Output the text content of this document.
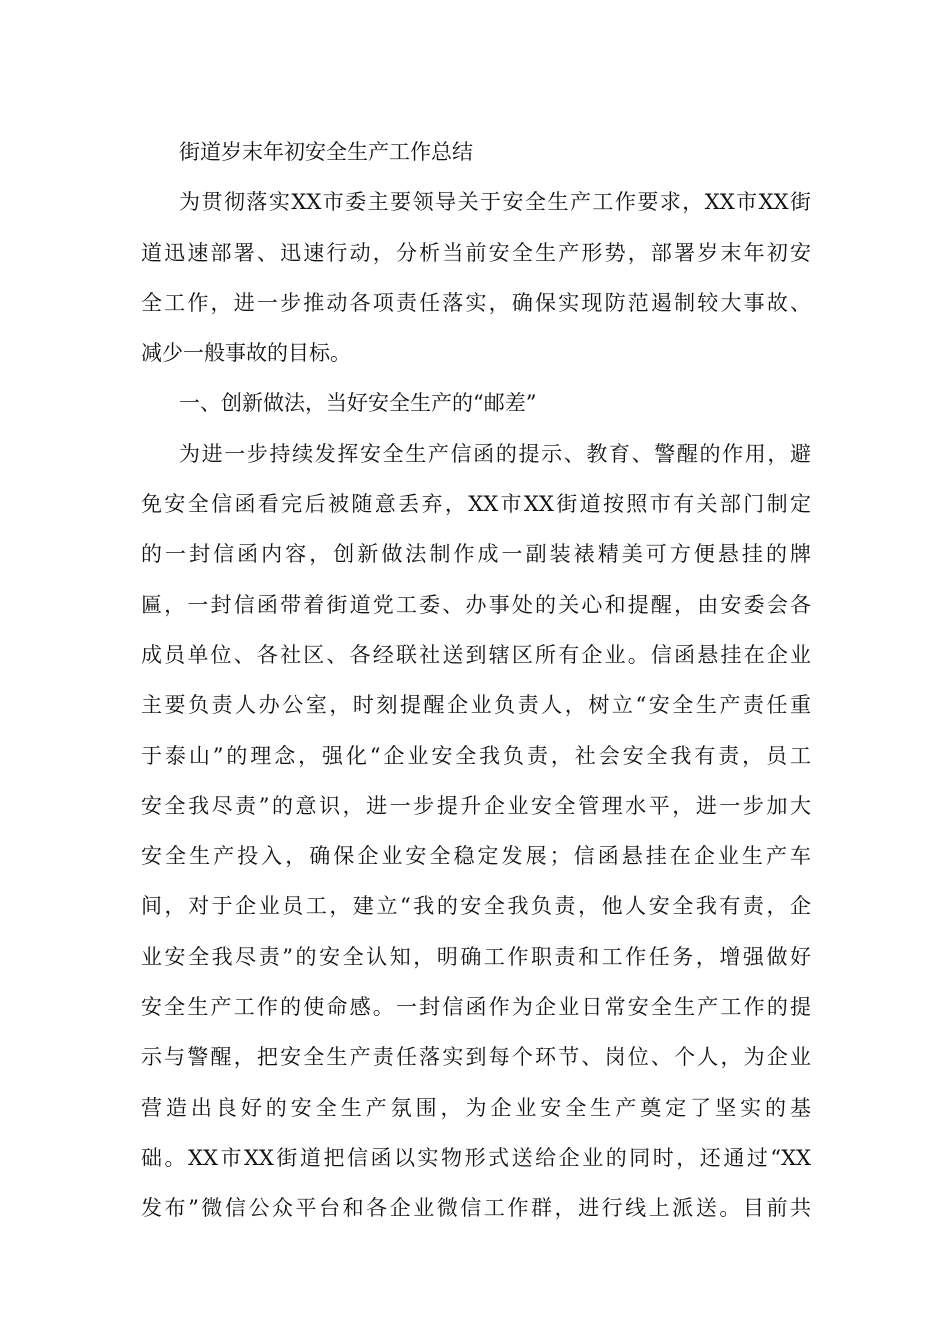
街道岁末年初安全生产工作总结
为贯彻落实XX市委主要领导关于安全生产工作要求，XX市XX街
道迅速部署、迅速行动，分析当前安全生产形势，部署岁末年初安
全工作，进一步推动各项责任落实，确保实现防范遏制较大事故、
减少一般事故的目标。
一、创新做法，当好安全生产的“邮差”
为进一步持续发挥安全生产信函的提示、教育、警醒的作用，避
免安全信函看完后被随意丢弃，XX市XX街道按照市有关部门制定
的一封信函内容，创新做法制作成一副装裱精美可方便悬挂的牌
匾，一封信函带着街道党工委、办事处的关心和提醒，由安委会各
成员单位、各社区、各经联社送到辖区所有企业。信函悬挂在企业
主要负责人办公室，时刻提醒企业负责人，树立“安全生产责任重
于泰山”的理念，强化“企业安全我负责，社会安全我有责，员工
安全我尽责”的意识，进一步提升企业安全管理水平，进一步加大
安全生产投入，确保企业安全稳定发展；信函悬挂在企业生产车
间，对于企业员工，建立“我的安全我负责，他人安全我有责，企
业安全我尽责”的安全认知，明确工作职责和工作任务，增强做好
安全生产工作的使命感。一封信函作为企业日常安全生产工作的提
示与警醒，把安全生产责任落实到每个环节、岗位、个人，为企业
营造出良好的安全生产氛围，为企业安全生产奠定了坚实的基
础。XX市XX街道把信函以实物形式送给企业的同时，还通过“XX
发布”微信公众平台和各企业微信工作群，进行线上派送。目前共
